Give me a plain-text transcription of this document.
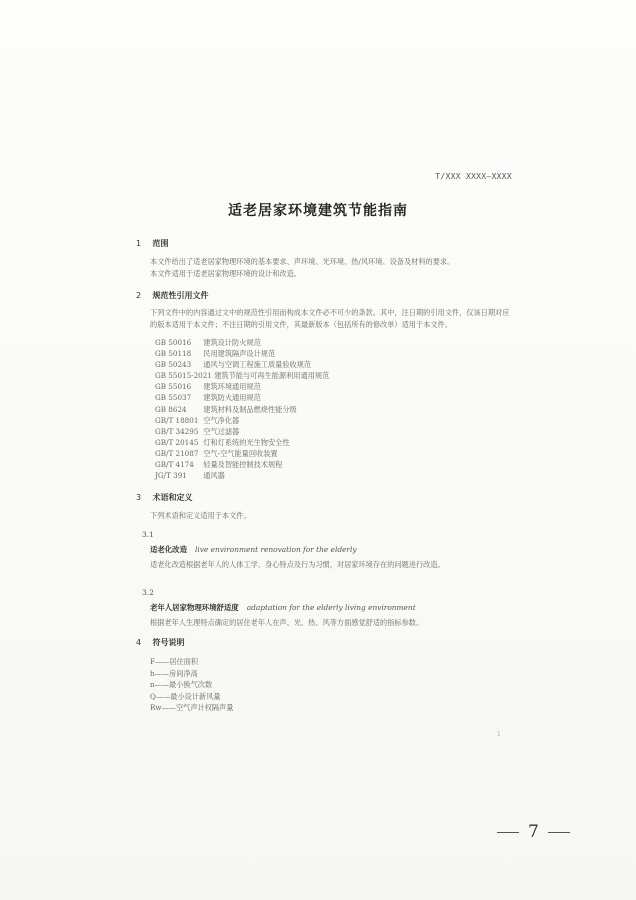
T/XXX XXXX—XXXX
适老居家环境建筑节能指南
1 范围
本文件给出了适老居家物理环境的基本要求、声环境、光环境、热/风环境、设备及材料的要求。
本文件适用于适老居家物理环境的设计和改造。
2 规范性引用文件
下列文件中的内容通过文中的规范性引用而构成本文件必不可少的条款。其中，注日期的引用文件，仅该日期对应的版本适用于本文件；不注日期的引用文件，其最新版本（包括所有的修改单）适用于本文件。
GB 50016 建筑设计防火规范
GB 50118 民用建筑隔声设计规范
GB 50243 通风与空调工程施工质量验收规范
GB 55015-2021 建筑节能与可再生能源利用通用规范
GB 55016 建筑环境通用规范
GB 55037 建筑防火通用规范
GB 8624 建筑材料及制品燃烧性能分级
GB/T 18801 空气净化器
GB/T 34295 空气过滤器
GB/T 20145 灯和灯系统的光生物安全性
GB/T 21087 空气-空气能量回收装置
GB/T 4174 轻量及智能控制技术规程
JG/T 391 通风器
3 术语和定义
下列术语和定义适用于本文件。
3.1
适老化改造 live environment renovation for the elderly
适老化改造根据老年人的人体工学、身心特点及行为习惯，对居家环境存在的问题进行改造。
3.2
老年人居家物理环境舒适度 adaptation for the elderly living environment
根据老年人生理特点确定的居住老年人在声、光、热、风等方面感觉舒适的指标参数。
4 符号说明
F——居住面积
h——房间净高
n——最小换气次数
Q——最小设计新风量
Rw——空气声计权隔声量
1
7
